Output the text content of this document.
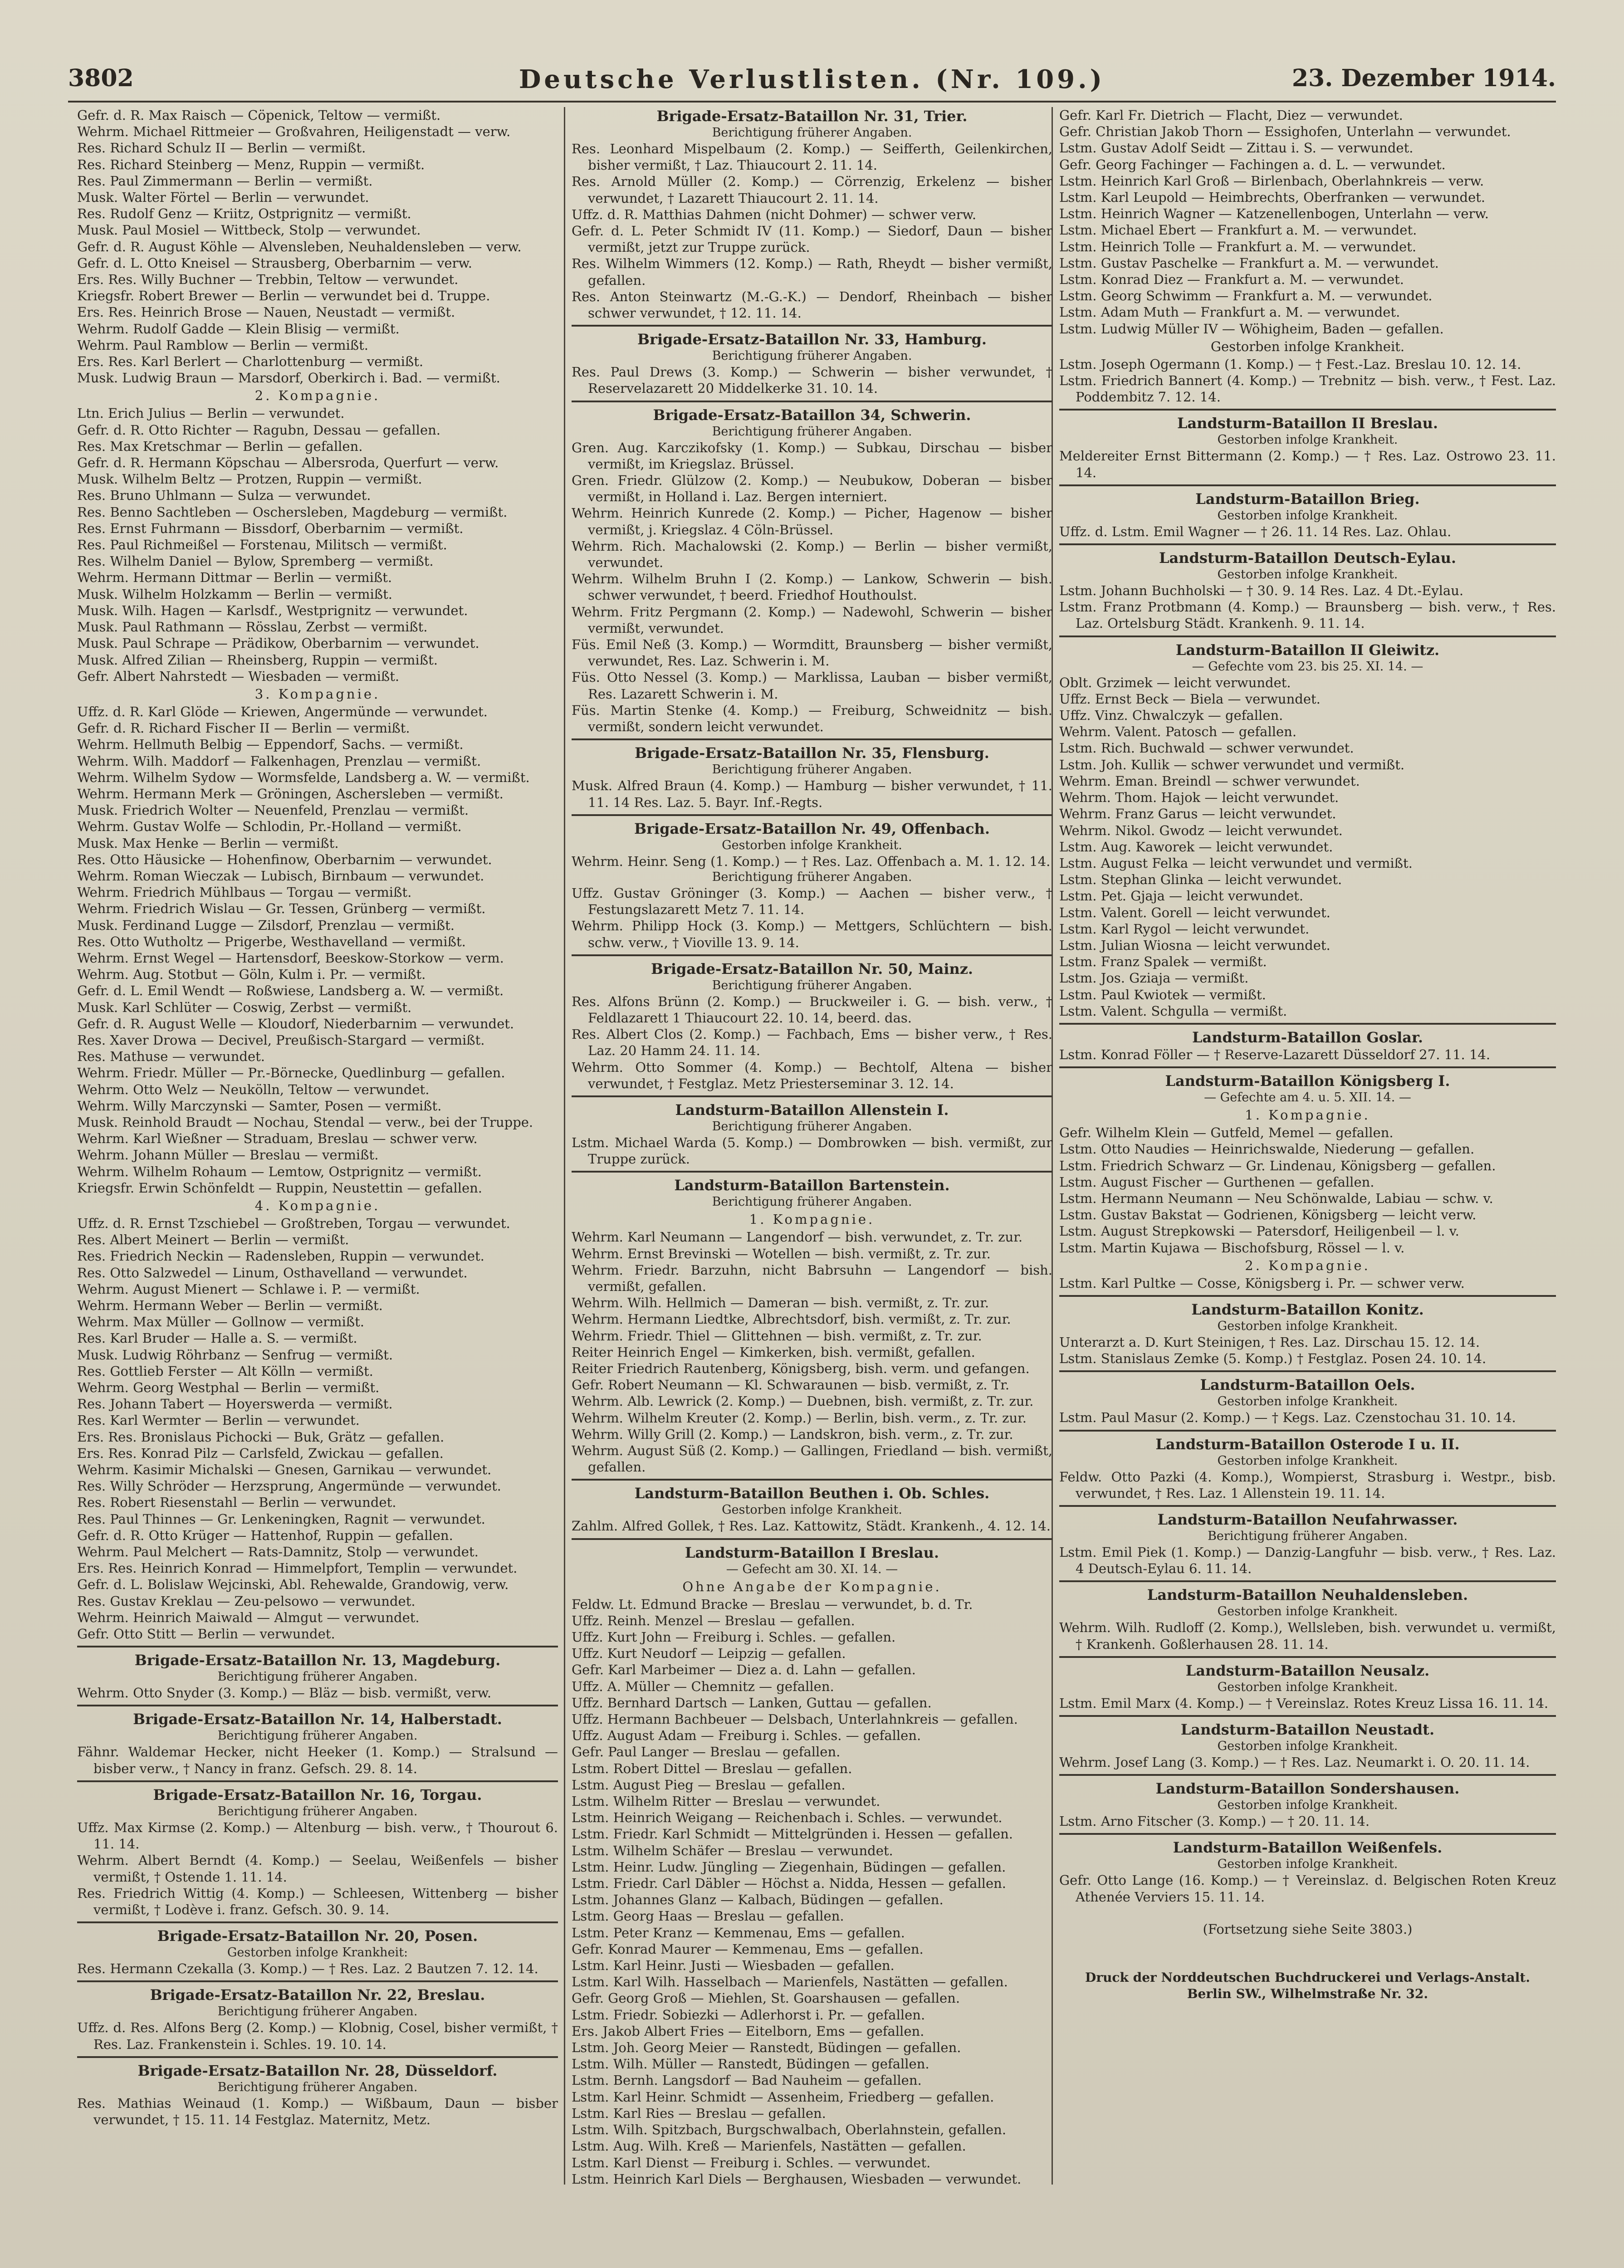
3802	Deutsche Verlustlisten. (Nr. 109.)	23. Dezember 1914.

Gefr. d. R. Max Raisch — Cöpenick, Teltow — vermißt.

Wehrm. Michael Rittmeier — Großvahren, Heiligenstadt — verw.

Res. Richard Schulz II — Berlin — vermißt.

Res. Richard Steinberg — Menz, Ruppin — vermißt.

Res. Paul Zimmermann — Berlin — vermißt.

Musk. Walter Förtel — Berlin — verwundet.

Res. Rudolf Genz — Kriitz, Ostprignitz — vermißt.

Musk. Paul Mosiel — Wittbeck, Stolp — verwundet.

Gefr. d. R. August Köhle — Alvensleben, Neuhaldensleben — verw.

Gefr. d. L. Otto Kneisel — Strausberg, Oberbarnim — verw.

Ers. Res. Willy Buchner — Trebbin, Teltow — verwundet.

Kriegsfr. Robert Brewer — Berlin — verwundet bei d. Truppe.

Ers. Res. Heinrich Brose — Nauen, Neustadt — vermißt.

Wehrm. Rudolf Gadde — Klein Blisig — vermißt.

Wehrm. Paul Ramblow — Berlin — vermißt.

Ers. Res. Karl Berlert — Charlottenburg — vermißt.

Musk. Ludwig Braun — Marsdorf, Oberkirch i. Bad. — vermißt.

2. Kompagnie.

Ltn. Erich Julius — Berlin — verwundet.

Gefr. d. R. Otto Richter — Ragubn, Dessau — gefallen.

Res. Max Kretschmar — Berlin — gefallen.

Gefr. d. R. Hermann Köpschau — Albersroda, Querfurt — verw.

Musk. Wilhelm Beltz — Protzen, Ruppin — vermißt.

Res. Bruno Uhlmann — Sulza — verwundet.

Res. Benno Sachtleben — Oschersleben, Magdeburg — vermißt.

Res. Ernst Fuhrmann — Bissdorf, Oberbarnim — vermißt.

Res. Paul Richmeißel — Forstenau, Militsch — vermißt.

Res. Wilhelm Daniel — Bylow, Spremberg — vermißt.

Wehrm. Hermann Dittmar — Berlin — vermißt.

Musk. Wilhelm Holzkamm — Berlin — vermißt.

Musk. Wilh. Hagen — Karlsdf., Westprignitz — verwundet.

Musk. Paul Rathmann — Rösslau, Zerbst — vermißt.

Musk. Paul Schrape — Prädikow, Oberbarnim — verwundet.

Musk. Alfred Zilian — Rheinsberg, Ruppin — vermißt.

Gefr. Albert Nahrstedt — Wiesbaden — vermißt.

3. Kompagnie.

Uffz. d. R. Karl Glöde — Kriewen, Angermünde — verwundet.

Gefr. d. R. Richard Fischer II — Berlin — vermißt.

Wehrm. Hellmuth Belbig — Eppendorf, Sachs. — vermißt.

Wehrm. Wilh. Maddorf — Falkenhagen, Prenzlau — vermißt.

Wehrm. Wilhelm Sydow — Wormsfelde, Landsberg a. W. — vermißt.

Wehrm. Hermann Merk — Gröningen, Aschersleben — vermißt.

Musk. Friedrich Wolter — Neuenfeld, Prenzlau — vermißt.

Wehrm. Gustav Wolfe — Schlodin, Pr.-Holland — vermißt.

Musk. Max Henke — Berlin — vermißt.

Res. Otto Häusicke — Hohenfinow, Oberbarnim — verwundet.

Wehrm. Roman Wieczak — Lubisch, Birnbaum — verwundet.

Wehrm. Friedrich Mühlbaus — Torgau — vermißt.

Wehrm. Friedrich Wislau — Gr. Tessen, Grünberg — vermißt.

Musk. Ferdinand Lugge — Zilsdorf, Prenzlau — vermißt.

Res. Otto Wutholtz — Prigerbe, Westhavelland — vermißt.

Wehrm. Ernst Wegel — Hartensdorf, Beeskow-Storkow — verm.

Wehrm. Aug. Stotbut — Göln, Kulm i. Pr. — vermißt.

Gefr. d. L. Emil Wendt — Roßwiese, Landsberg a. W. — vermißt.

Musk. Karl Schlüter — Coswig, Zerbst — vermißt.

Gefr. d. R. August Welle — Kloudorf, Niederbarnim — verwundet.

Res. Xaver Drowa — Decivel, Preußisch-Stargard — vermißt.

Res. Mathuse — verwundet.

Wehrm. Friedr. Müller — Pr.-Börnecke, Quedlinburg — gefallen.

Wehrm. Otto Welz — Neukölln, Teltow — verwundet.

Wehrm. Willy Marczynski — Samter, Posen — vermißt.

Musk. Reinhold Braudt — Nochau, Stendal — verw., bei der Truppe.

Wehrm. Karl Wießner — Straduam, Breslau — schwer verw.

Wehrm. Johann Müller — Breslau — vermißt.

Wehrm. Wilhelm Rohaum — Lemtow, Ostprignitz — vermißt.

Kriegsfr. Erwin Schönfeldt — Ruppin, Neustettin — gefallen.

4. Kompagnie.

Uffz. d. R. Ernst Tzschiebel — Großtreben, Torgau — verwundet.

Res. Albert Meinert — Berlin — vermißt.

Res. Friedrich Neckin — Radensleben, Ruppin — verwundet.

Res. Otto Salzwedel — Linum, Osthavelland — verwundet.

Wehrm. August Mienert — Schlawe i. P. — vermißt.

Wehrm. Hermann Weber — Berlin — vermißt.

Wehrm. Max Müller — Gollnow — vermißt.

Res. Karl Bruder — Halle a. S. — vermißt.

Musk. Ludwig Röhrbanz — Senfrug — vermißt.

Res. Gottlieb Ferster — Alt Kölln — vermißt.

Wehrm. Georg Westphal — Berlin — vermißt.

Res. Johann Tabert — Hoyerswerda — vermißt.

Res. Karl Wermter — Berlin — verwundet.

Ers. Res. Bronislaus Pichocki — Buk, Grätz — gefallen.

Ers. Res. Konrad Pilz — Carlsfeld, Zwickau — gefallen.

Wehrm. Kasimir Michalski — Gnesen, Garnikau — verwundet.

Res. Willy Schröder — Herzsprung, Angermünde — verwundet.

Res. Robert Riesenstahl — Berlin — verwundet.

Res. Paul Thinnes — Gr. Lenkeningken, Ragnit — verwundet.

Gefr. d. R. Otto Krüger — Hattenhof, Ruppin — gefallen.

Wehrm. Paul Melchert — Rats-Damnitz, Stolp — verwundet.

Ers. Res. Heinrich Konrad — Himmelpfort, Templin — verwundet.

Gefr. d. L. Bolislaw Wejcinski, Abl. Rehewalde, Grandowig, verw.

Res. Gustav Kreklau — Zeu-pelsowo — verwundet.

Wehrm. Heinrich Maiwald — Almgut — verwundet.

Gefr. Otto Stitt — Berlin — verwundet.

Brigade-Ersatz-Bataillon Nr. 13, Magdeburg.
Berichtigung früherer Angaben.

Wehrm. Otto Snyder (3. Komp.) — Bläz — bisb. vermißt, verw.

Brigade-Ersatz-Bataillon Nr. 14, Halberstadt.
Berichtigung früherer Angaben.

Fähnr. Waldemar Hecker, nicht Heeker (1. Komp.) — Stralsund — bisber verw., † Nancy in franz. Gefsch. 29. 8. 14.

Brigade-Ersatz-Bataillon Nr. 16, Torgau.
Berichtigung früherer Angaben.

Uffz. Max Kirmse (2. Komp.) — Altenburg — bish. verw., † Thourout 6. 11. 14.

Wehrm. Albert Berndt (4. Komp.) — Seelau, Weißenfels — bisher vermißt, † Ostende 1. 11. 14.

Res. Friedrich Wittig (4. Komp.) — Schleesen, Wittenberg — bisher vermißt, † Lodève i. franz. Gefsch. 30. 9. 14.

Brigade-Ersatz-Bataillon Nr. 20, Posen.
Gestorben infolge Krankheit:

Res. Hermann Czekalla (3. Komp.) — † Res. Laz. 2 Bautzen 7. 12. 14.

Brigade-Ersatz-Bataillon Nr. 22, Breslau.
Berichtigung früherer Angaben.

Uffz. d. Res. Alfons Berg (2. Komp.) — Klobnig, Cosel, bisher vermißt, † Res. Laz. Frankenstein i. Schles. 19. 10. 14.

Brigade-Ersatz-Bataillon Nr. 28, Düsseldorf.
Berichtigung früherer Angaben.

Res. Mathias Weinaud (1. Komp.) — Wißbaum, Daun — bisber verwundet, † 15. 11. 14 Festglaz. Maternitz, Metz.

Brigade-Ersatz-Bataillon Nr. 31, Trier.
Berichtigung früherer Angaben.

Res. Leonhard Mispelbaum (2. Komp.) — Seifferth, Geilenkirchen, bisher vermißt, † Laz. Thiaucourt 2. 11. 14.

Res. Arnold Müller (2. Komp.) — Cörrenzig, Erkelenz — bisher verwundet, † Lazarett Thiaucourt 2. 11. 14.

Uffz. d. R. Matthias Dahmen (nicht Dohmer) — schwer verw.

Gefr. d. L. Peter Schmidt IV (11. Komp.) — Siedorf, Daun — bisher vermißt, jetzt zur Truppe zurück.

Res. Wilhelm Wimmers (12. Komp.) — Rath, Rheydt — bisher vermißt, gefallen.

Res. Anton Steinwartz (M.-G.-K.) — Dendorf, Rheinbach — bisher schwer verwundet, † 12. 11. 14.

Brigade-Ersatz-Bataillon Nr. 33, Hamburg.
Berichtigung früherer Angaben.

Res. Paul Drews (3. Komp.) — Schwerin — bisher verwundet, † Reservelazarett 20 Middelkerke 31. 10. 14.

Brigade-Ersatz-Bataillon 34, Schwerin.
Berichtigung früherer Angaben.

Gren. Aug. Karczikofsky (1. Komp.) — Subkau, Dirschau — bisber vermißt, im Kriegslaz. Brüssel.

Gren. Friedr. Glülzow (2. Komp.) — Neubukow, Doberan — bisber vermißt, in Holland i. Laz. Bergen interniert.

Wehrm. Heinrich Kunrede (2. Komp.) — Picher, Hagenow — bisher vermißt, j. Kriegslaz. 4 Cöln-Brüssel.

Wehrm. Rich. Machalowski (2. Komp.) — Berlin — bisher vermißt, verwundet.

Wehrm. Wilhelm Bruhn I (2. Komp.) — Lankow, Schwerin — bish. schwer verwundet, † beerd. Friedhof Houthoulst.

Wehrm. Fritz Pergmann (2. Komp.) — Nadewohl, Schwerin — bisher vermißt, verwundet.

Füs. Emil Neß (3. Komp.) — Wormditt, Braunsberg — bisher vermißt, verwundet, Res. Laz. Schwerin i. M.

Füs. Otto Nessel (3. Komp.) — Marklissa, Lauban — bisber vermißt, Res. Lazarett Schwerin i. M.

Füs. Martin Stenke (4. Komp.) — Freiburg, Schweidnitz — bish. vermißt, sondern leicht verwundet.

Brigade-Ersatz-Bataillon Nr. 35, Flensburg.
Berichtigung früherer Angaben.

Musk. Alfred Braun (4. Komp.) — Hamburg — bisher verwundet, † 11. 11. 14 Res. Laz. 5. Bayr. Inf.-Regts.

Brigade-Ersatz-Bataillon Nr. 49, Offenbach.
Gestorben infolge Krankheit.

Wehrm. Heinr. Seng (1. Komp.) — † Res. Laz. Offenbach a. M. 1. 12. 14.

Berichtigung früherer Angaben.

Uffz. Gustav Gröninger (3. Komp.) — Aachen — bisher verw., † Festungslazarett Metz 7. 11. 14.

Wehrm. Philipp Hock (3. Komp.) — Mettgers, Schlüchtern — bish. schw. verw., † Vioville 13. 9. 14.

Brigade-Ersatz-Bataillon Nr. 50, Mainz.
Berichtigung früherer Angaben.

Res. Alfons Brünn (2. Komp.) — Bruckweiler i. G. — bish. verw., † Feldlazarett 1 Thiaucourt 22. 10. 14, beerd. das.

Res. Albert Clos (2. Komp.) — Fachbach, Ems — bisher verw., † Res. Laz. 20 Hamm 24. 11. 14.

Wehrm. Otto Sommer (4. Komp.) — Bechtolf, Altena — bisher verwundet, † Festglaz. Metz Priesterseminar 3. 12. 14.

Landsturm-Bataillon Allenstein I.
Berichtigung früherer Angaben.

Lstm. Michael Warda (5. Komp.) — Dombrowken — bish. vermißt, zur Truppe zurück.

Landsturm-Bataillon Bartenstein.
Berichtigung früherer Angaben.
1. Kompagnie.

Wehrm. Karl Neumann — Langendorf — bish. verwundet, z. Tr. zur.

Wehrm. Ernst Brevinski — Wotellen — bish. vermißt, z. Tr. zur.

Wehrm. Friedr. Barzuhn, nicht Babrsuhn — Langendorf — bish. vermißt, gefallen.

Wehrm. Wilh. Hellmich — Dameran — bish. vermißt, z. Tr. zur.

Wehrm. Hermann Liedtke, Albrechtsdorf, bish. vermißt, z. Tr. zur.

Wehrm. Friedr. Thiel — Glittehnen — bish. vermißt, z. Tr. zur.

Reiter Heinrich Engel — Kimkerken, bish. vermißt, gefallen.

Reiter Friedrich Rautenberg, Königsberg, bish. verm. und gefangen.

Gefr. Robert Neumann — Kl. Schwaraunen — bisb. vermißt, z. Tr.

Wehrm. Alb. Lewrick (2. Komp.) — Duebnen, bish. vermißt, z. Tr. zur.

Wehrm. Wilhelm Kreuter (2. Komp.) — Berlin, bish. verm., z. Tr. zur.

Wehrm. Willy Grill (2. Komp.) — Landskron, bish. verm., z. Tr. zur.

Wehrm. August Süß (2. Komp.) — Gallingen, Friedland — bish. vermißt, gefallen.

Landsturm-Bataillon Beuthen i. Ob. Schles.
Gestorben infolge Krankheit.

Zahlm. Alfred Gollek, † Res. Laz. Kattowitz, Städt. Krankenh., 4. 12. 14.

Landsturm-Bataillon I Breslau.
— Gefecht am 30. XI. 14. —
Ohne Angabe der Kompagnie.

Feldw. Lt. Edmund Bracke — Breslau — verwundet, b. d. Tr.

Uffz. Reinh. Menzel — Breslau — gefallen.

Uffz. Kurt John — Freiburg i. Schles. — gefallen.

Uffz. Kurt Neudorf — Leipzig — gefallen.

Gefr. Karl Marbeimer — Diez a. d. Lahn — gefallen.

Uffz. A. Müller — Chemnitz — gefallen.

Uffz. Bernhard Dartsch — Lanken, Guttau — gefallen.

Uffz. Hermann Bachbeuer — Delsbach, Unterlahnkreis — gefallen.

Uffz. August Adam — Freiburg i. Schles. — gefallen.

Gefr. Paul Langer — Breslau — gefallen.

Lstm. Robert Dittel — Breslau — gefallen.

Lstm. August Pieg — Breslau — gefallen.

Lstm. Wilhelm Ritter — Breslau — verwundet.

Lstm. Heinrich Weigang — Reichenbach i. Schles. — verwundet.

Lstm. Friedr. Karl Schmidt — Mittelgründen i. Hessen — gefallen.

Lstm. Wilhelm Schäfer — Breslau — verwundet.

Lstm. Heinr. Ludw. Jüngling — Ziegenhain, Büdingen — gefallen.

Lstm. Friedr. Carl Däbler — Höchst a. Nidda, Hessen — gefallen.

Lstm. Johannes Glanz — Kalbach, Büdingen — gefallen.

Lstm. Georg Haas — Breslau — gefallen.

Lstm. Peter Kranz — Kemmenau, Ems — gefallen.

Gefr. Konrad Maurer — Kemmenau, Ems — gefallen.

Lstm. Karl Heinr. Justi — Wiesbaden — gefallen.

Lstm. Karl Wilh. Hasselbach — Marienfels, Nastätten — gefallen.

Gefr. Georg Groß — Miehlen, St. Goarshausen — gefallen.

Lstm. Friedr. Sobiezki — Adlerhorst i. Pr. — gefallen.

Ers. Jakob Albert Fries — Eitelborn, Ems — gefallen.

Lstm. Joh. Georg Meier — Ranstedt, Büdingen — gefallen.

Lstm. Wilh. Müller — Ranstedt, Büdingen — gefallen.

Lstm. Bernh. Langsdorf — Bad Nauheim — gefallen.

Lstm. Karl Heinr. Schmidt — Assenheim, Friedberg — gefallen.

Lstm. Karl Ries — Breslau — gefallen.

Lstm. Wilh. Spitzbach, Burgschwalbach, Oberlahnstein, gefallen.

Lstm. Aug. Wilh. Kreß — Marienfels, Nastätten — gefallen.

Lstm. Karl Dienst — Freiburg i. Schles. — verwundet.

Lstm. Heinrich Karl Diels — Berghausen, Wiesbaden — verwundet.

Gefr. Karl Fr. Dietrich — Flacht, Diez — verwundet.

Gefr. Christian Jakob Thorn — Essighofen, Unterlahn — verwundet.

Lstm. Gustav Adolf Seidt — Zittau i. S. — verwundet.

Gefr. Georg Fachinger — Fachingen a. d. L. — verwundet.

Lstm. Heinrich Karl Groß — Birlenbach, Oberlahnkreis — verw.

Lstm. Karl Leupold — Heimbrechts, Oberfranken — verwundet.

Lstm. Heinrich Wagner — Katzenellenbogen, Unterlahn — verw.

Lstm. Michael Ebert — Frankfurt a. M. — verwundet.

Lstm. Heinrich Tolle — Frankfurt a. M. — verwundet.

Lstm. Gustav Paschelke — Frankfurt a. M. — verwundet.

Lstm. Konrad Diez — Frankfurt a. M. — verwundet.

Lstm. Georg Schwimm — Frankfurt a. M. — verwundet.

Lstm. Adam Muth — Frankfurt a. M. — verwundet.

Lstm. Ludwig Müller IV — Wöhigheim, Baden — gefallen.

Gestorben infolge Krankheit.

Lstm. Joseph Ogermann (1. Komp.) — † Fest.-Laz. Breslau 10. 12. 14.

Lstm. Friedrich Bannert (4. Komp.) — Trebnitz — bish. verw., † Fest. Laz. Poddembitz 7. 12. 14.

Landsturm-Bataillon II Breslau.
Gestorben infolge Krankheit.

Meldereiter Ernst Bittermann (2. Komp.) — † Res. Laz. Ostrowo 23. 11. 14.

Landsturm-Bataillon Brieg.
Gestorben infolge Krankheit.

Uffz. d. Lstm. Emil Wagner — † 26. 11. 14 Res. Laz. Ohlau.

Landsturm-Bataillon Deutsch-Eylau.
Gestorben infolge Krankheit.

Lstm. Johann Buchholski — † 30. 9. 14 Res. Laz. 4 Dt.-Eylau.

Lstm. Franz Protbmann (4. Komp.) — Braunsberg — bish. verw., † Res. Laz. Ortelsburg Städt. Krankenh. 9. 11. 14.

Landsturm-Bataillon II Gleiwitz.
— Gefechte vom 23. bis 25. XI. 14. —

Oblt. Grzimek — leicht verwundet.

Uffz. Ernst Beck — Biela — verwundet.

Uffz. Vinz. Chwalczyk — gefallen.

Wehrm. Valent. Patosch — gefallen.

Lstm. Rich. Buchwald — schwer verwundet.

Lstm. Joh. Kullik — schwer verwundet und vermißt.

Wehrm. Eman. Breindl — schwer verwundet.

Wehrm. Thom. Hajok — leicht verwundet.

Wehrm. Franz Garus — leicht verwundet.

Wehrm. Nikol. Gwodz — leicht verwundet.

Lstm. Aug. Kaworek — leicht verwundet.

Lstm. August Felka — leicht verwundet und vermißt.

Lstm. Stephan Glinka — leicht verwundet.

Lstm. Pet. Gjaja — leicht verwundet.

Lstm. Valent. Gorell — leicht verwundet.

Lstm. Karl Rygol — leicht verwundet.

Lstm. Julian Wiosna — leicht verwundet.

Lstm. Franz Spalek — vermißt.

Lstm. Jos. Gziaja — vermißt.

Lstm. Paul Kwiotek — vermißt.

Lstm. Valent. Schgulla — vermißt.

Landsturm-Bataillon Goslar.

Lstm. Konrad Föller — † Reserve-Lazarett Düsseldorf 27. 11. 14.

Landsturm-Bataillon Königsberg I.
— Gefechte am 4. u. 5. XII. 14. —
1. Kompagnie.

Gefr. Wilhelm Klein — Gutfeld, Memel — gefallen.

Lstm. Otto Naudies — Heinrichswalde, Niederung — gefallen.

Lstm. Friedrich Schwarz — Gr. Lindenau, Königsberg — gefallen.

Lstm. August Fischer — Gurthenen — gefallen.

Lstm. Hermann Neumann — Neu Schönwalde, Labiau — schw. v.

Lstm. Gustav Bakstat — Godrienen, Königsberg — leicht verw.

Lstm. August Strepkowski — Patersdorf, Heiligenbeil — l. v.

Lstm. Martin Kujawa — Bischofsburg, Rössel — l. v.

2. Kompagnie.

Lstm. Karl Pultke — Cosse, Königsberg i. Pr. — schwer verw.

Landsturm-Bataillon Konitz.
Gestorben infolge Krankheit.

Unterarzt a. D. Kurt Steinigen, † Res. Laz. Dirschau 15. 12. 14.

Lstm. Stanislaus Zemke (5. Komp.) † Festglaz. Posen 24. 10. 14.

Landsturm-Bataillon Oels.
Gestorben infolge Krankheit.

Lstm. Paul Masur (2. Komp.) — † Kegs. Laz. Czenstochau 31. 10. 14.

Landsturm-Bataillon Osterode I u. II.
Gestorben infolge Krankheit.

Feldw. Otto Pazki (4. Komp.), Wompierst, Strasburg i. Westpr., bisb. verwundet, † Res. Laz. 1 Allenstein 19. 11. 14.

Landsturm-Bataillon Neufahrwasser.
Berichtigung früherer Angaben.

Lstm. Emil Piek (1. Komp.) — Danzig-Langfuhr — bisb. verw., † Res. Laz. 4 Deutsch-Eylau 6. 11. 14.

Landsturm-Bataillon Neuhaldensleben.
Gestorben infolge Krankheit.

Wehrm. Wilh. Rudloff (2. Komp.), Wellsleben, bish. verwundet u. vermißt, † Krankenh. Goßlerhausen 28. 11. 14.

Landsturm-Bataillon Neusalz.
Gestorben infolge Krankheit.

Lstm. Emil Marx (4. Komp.) — † Vereinslaz. Rotes Kreuz Lissa 16. 11. 14.

Landsturm-Bataillon Neustadt.
Gestorben infolge Krankheit.

Wehrm. Josef Lang (3. Komp.) — † Res. Laz. Neumarkt i. O. 20. 11. 14.

Landsturm-Bataillon Sondershausen.
Gestorben infolge Krankheit.

Lstm. Arno Fitscher (3. Komp.) — † 20. 11. 14.

Landsturm-Bataillon Weißenfels.
Gestorben infolge Krankheit.

Gefr. Otto Lange (16. Komp.) — † Vereinslaz. d. Belgischen Roten Kreuz Athenée Verviers 15. 11. 14.

(Fortsetzung siehe Seite 3803.)
Druck der Norddeutschen Buchdruckerei und Verlags-Anstalt.
Berlin SW., Wilhelmstraße Nr. 32.
